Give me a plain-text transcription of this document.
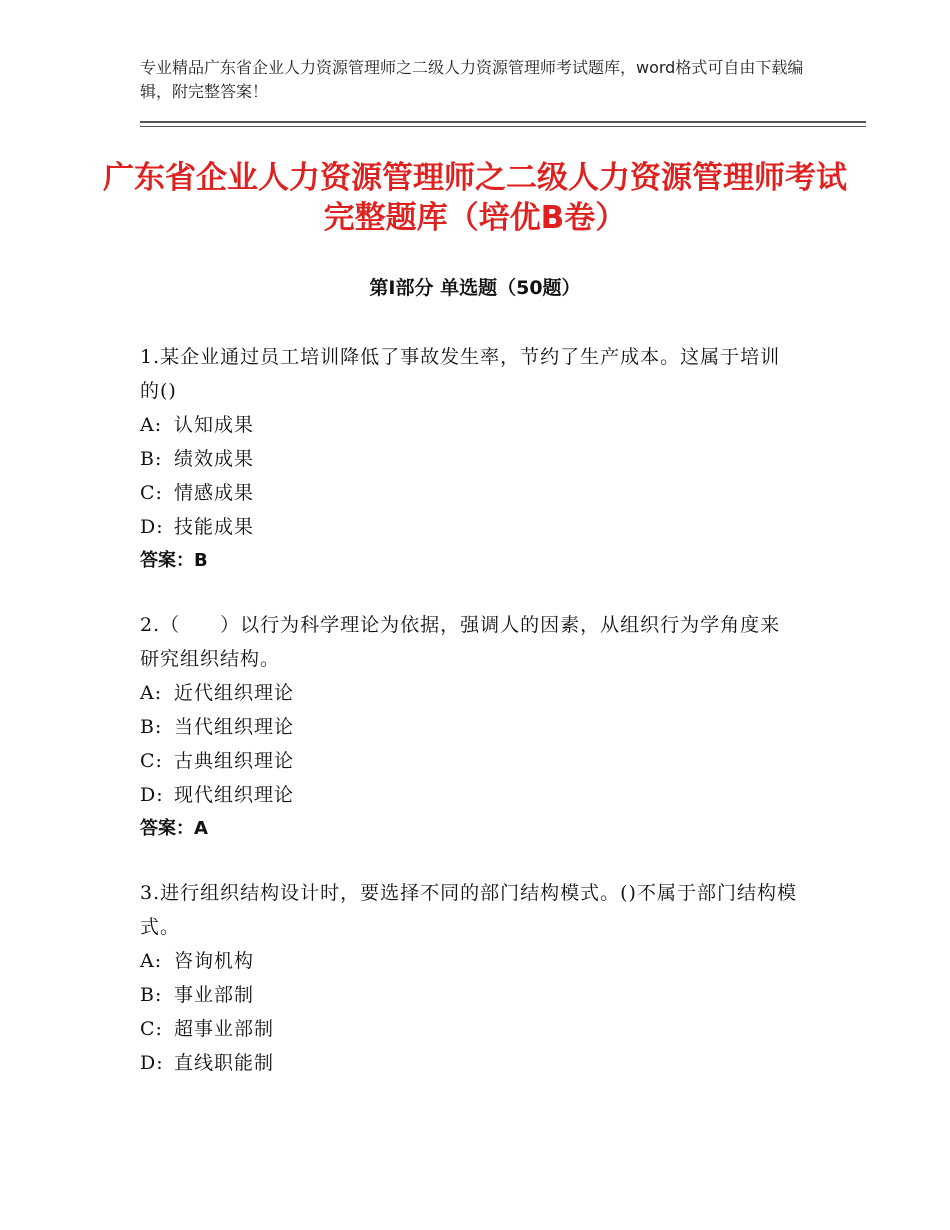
专业精品广东省企业人力资源管理师之二级人力资源管理师考试题库，word格式可自由下载编辑，附完整答案！
广东省企业人力资源管理师之二级人力资源管理师考试完整题库（培优B卷）
第Ⅰ部分 单选题（50题）
1.某企业通过员工培训降低了事故发生率，节约了生产成本。这属于培训的()
A: 认知成果
B: 绩效成果
C: 情感成果
D: 技能成果
答案：B
2.（　　）以行为科学理论为依据，强调人的因素，从组织行为学角度来研究组织结构。
A: 近代组织理论
B: 当代组织理论
C: 古典组织理论
D: 现代组织理论
答案：A
3.进行组织结构设计时，要选择不同的部门结构模式。()不属于部门结构模式。
A: 咨询机构
B: 事业部制
C: 超事业部制
D: 直线职能制
